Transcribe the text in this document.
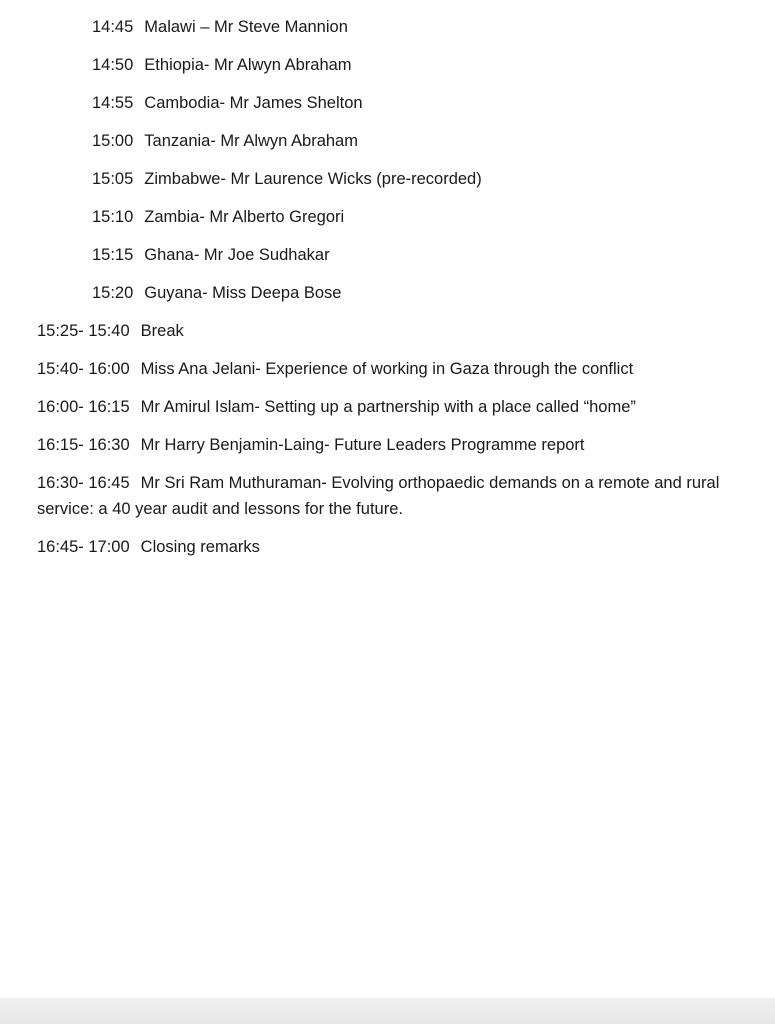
14:45 Malawi – Mr Steve Mannion
14:50 Ethiopia- Mr Alwyn Abraham
14:55 Cambodia- Mr James Shelton
15:00 Tanzania- Mr Alwyn Abraham
15:05 Zimbabwe- Mr Laurence Wicks (pre-recorded)
15:10 Zambia- Mr Alberto Gregori
15:15 Ghana- Mr Joe Sudhakar
15:20 Guyana- Miss Deepa Bose
15:25- 15:40 Break
15:40- 16:00 Miss Ana Jelani- Experience of working in Gaza through the conflict
16:00- 16:15 Mr Amirul Islam- Setting up a partnership with a place called “home”
16:15- 16:30 Mr Harry Benjamin-Laing- Future Leaders Programme report
16:30- 16:45 Mr Sri Ram Muthuraman- Evolving orthopaedic demands on a remote and rural service: a 40 year audit and lessons for the future.
16:45- 17:00 Closing remarks
